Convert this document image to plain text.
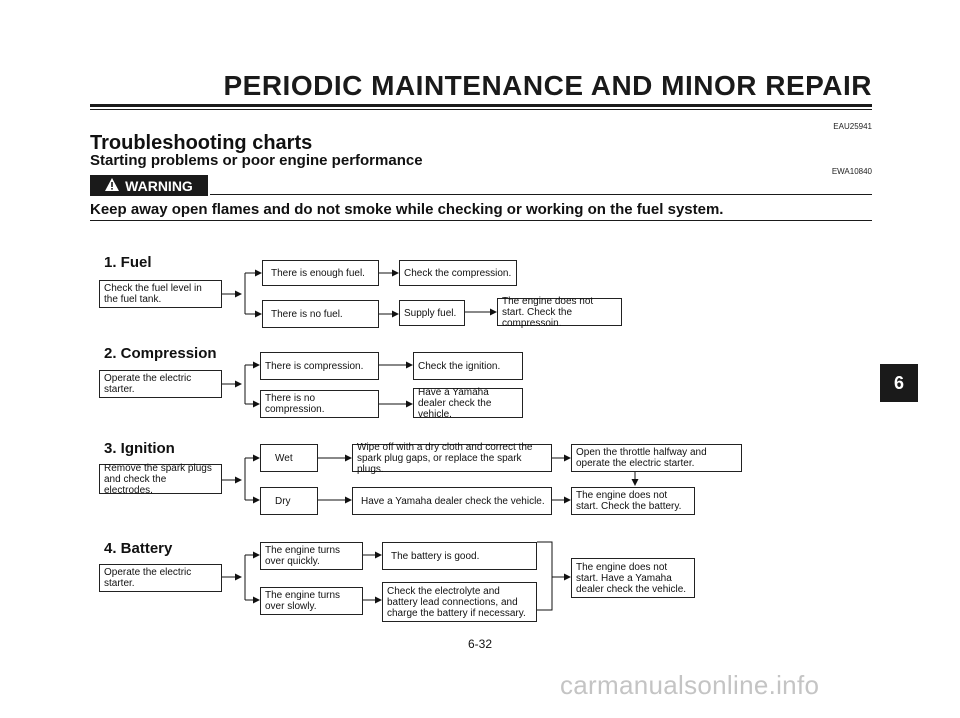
PERIODIC MAINTENANCE AND MINOR REPAIR
EAU25941
Troubleshooting charts
Starting problems or poor engine performance
EWA10840
WARNING
Keep away open flames and do not smoke while checking or working on the fuel system.
1. Fuel
Check the fuel level in the fuel tank.
There is enough fuel.	Check the compression.
There is no fuel.	Supply fuel.
The engine does not start. Check the compressoin.
2. Compression
Operate the electric starter.
There is compression.	Check the ignition.
There is no compression.
Have a Yamaha dealer check the vehicle.
3. Ignition
Remove the spark plugs and check the electrodes.
Wet
Wipe off with a dry cloth and correct the spark plug gaps, or replace the spark plugs.
Open the throttle halfway and operate the electric starter.
Dry	Have a Yamaha dealer check the vehicle.	The engine does not start. Check the battery.
4. Battery
Operate the electric starter.
The engine turns over quickly.	The battery is good.
The engine turns over slowly.
Check the electrolyte and battery lead connections, and charge the battery if necessary.
The engine does not start. Have a Yamaha dealer check the vehicle.
6
6-32
carmanualsonline.info
